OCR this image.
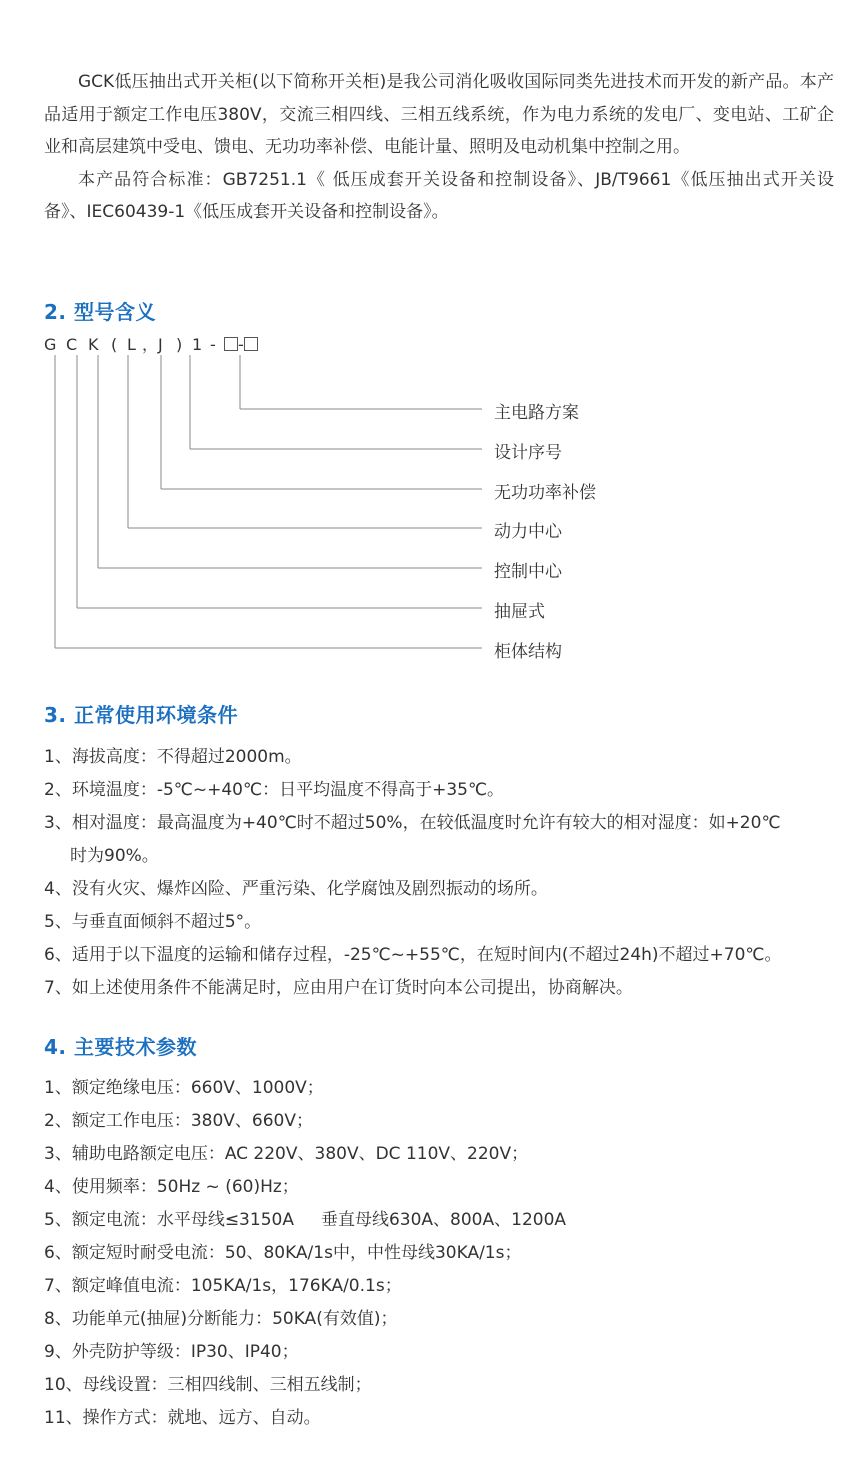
GCK低压抽出式开关柜(以下简称开关柜)是我公司消化吸收国际同类先进技术而开发的新产品。本产品适用于额定工作电压380V，交流三相四线、三相五线系统，作为电力系统的发电厂、变电站、工矿企业和高层建筑中受电、馈电、无功功率补偿、电能计量、照明及电动机集中控制之用。

本产品符合标准：GB7251.1《 低压成套开关设备和控制设备》、JB/T9661《低压抽出式开关设备》、IEC60439-1《低压成套开关设备和控制设备》。

2. 型号含义
G C K ( L ，J ) 1 - -

主电路方案

设计序号

无功功率补偿

动力中心

控制中心

抽屉式

柜体结构

3. 正常使用环境条件
1、海拔高度：不得超过2000m。
2、环境温度：-5℃~+40℃：日平均温度不得高于+35℃。
3、相对温度：最高温度为+40℃时不超过50%，在较低温度时允许有较大的相对湿度：如+20℃
时为90%。
4、没有火灾、爆炸凶险、严重污染、化学腐蚀及剧烈振动的场所。
5、与垂直面倾斜不超过5°。
6、适用于以下温度的运输和储存过程，-25℃~+55℃，在短时间内(不超过24h)不超过+70℃。
7、如上述使用条件不能满足时，应由用户在订货时向本公司提出，协商解决。
4. 主要技术参数
1、额定绝缘电压：660V、1000V；
2、额定工作电压：380V、660V；
3、辅助电路额定电压：AC 220V、380V、DC 110V、220V；
4、使用频率：50Hz ~ (60)Hz；
5、额定电流：水平母线≤3150A     垂直母线630A、800A、1200A
6、额定短时耐受电流：50、80KA/1s中，中性母线30KA/1s；
7、额定峰值电流：105KA/1s，176KA/0.1s；
8、功能单元(抽屉)分断能力：50KA(有效值)；
9、外壳防护等级：IP30、IP40；
10、母线设置：三相四线制、三相五线制；
11、操作方式：就地、远方、自动。
